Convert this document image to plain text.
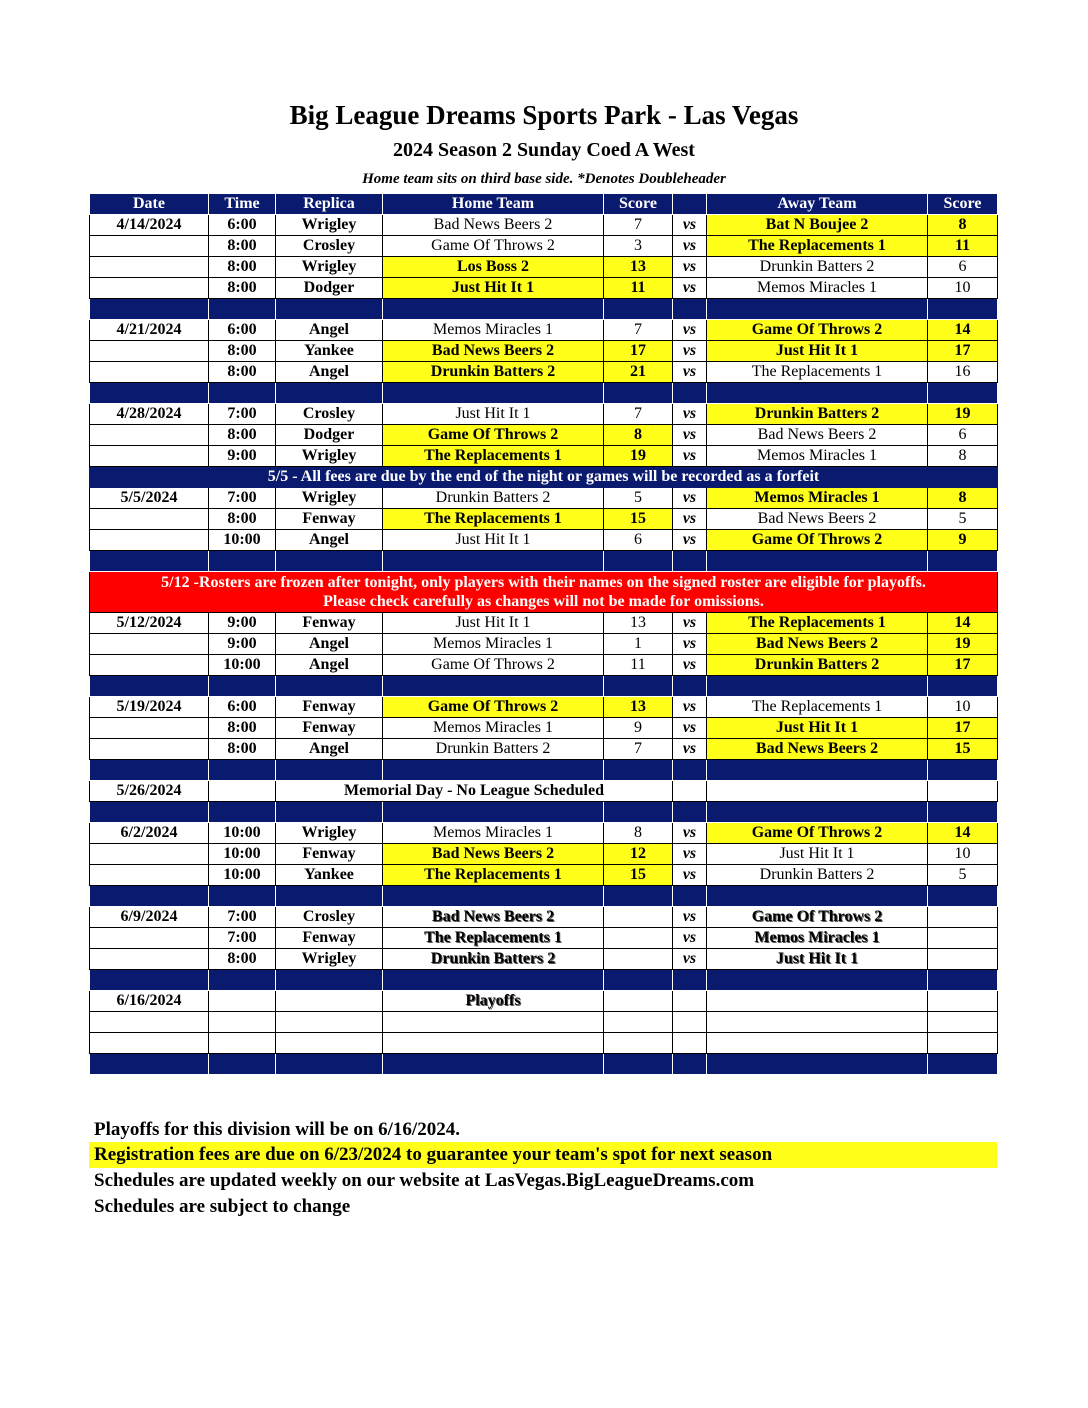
Big League Dreams Sports Park - Las Vegas
2024 Season 2 Sunday Coed A West
Home team sits on third base side. *Denotes Doubleheader
Date	Time	Replica	Home Team	Score		Away Team	Score
4/14/2024	6:00	Wrigley	Bad News Beers 2	7	vs	Bat N Boujee 2	8
	8:00	Crosley	Game Of Throws 2	3	vs	The Replacements 1	11
	8:00	Wrigley	Los Boss 2	13	vs	Drunkin Batters 2	6
	8:00	Dodger	Just Hit It 1	11	vs	Memos Miracles 1	10

4/21/2024	6:00	Angel	Memos Miracles 1	7	vs	Game Of Throws 2	14
	8:00	Yankee	Bad News Beers 2	17	vs	Just Hit It 1	17
	8:00	Angel	Drunkin Batters 2	21	vs	The Replacements 1	16

4/28/2024	7:00	Crosley	Just Hit It 1	7	vs	Drunkin Batters 2	19
	8:00	Dodger	Game Of Throws 2	8	vs	Bad News Beers 2	6
	9:00	Wrigley	The Replacements 1	19	vs	Memos Miracles 1	8
5/5 - All fees are due by the end of the night or games will be recorded as a forfeit							
5/5/2024	7:00	Wrigley	Drunkin Batters 2	5	vs	Memos Miracles 1	8
	8:00	Fenway	The Replacements 1	15	vs	Bad News Beers 2	5
	10:00	Angel	Just Hit It 1	6	vs	Game Of Throws 2	9

5/12 -Rosters are frozen after tonight, only players with their names on the signed roster are eligible for playoffs.
Please check carefully as changes will not be made for omissions.							

5/12/2024	9:00	Fenway	Just Hit It 1	13	vs	The Replacements 1	14
	9:00	Angel	Memos Miracles 1	1	vs	Bad News Beers 2	19
	10:00	Angel	Game Of Throws 2	11	vs	Drunkin Batters 2	17

5/19/2024	6:00	Fenway	Game Of Throws 2	13	vs	The Replacements 1	10
	8:00	Fenway	Memos Miracles 1	9	vs	Just Hit It 1	17
	8:00	Angel	Drunkin Batters 2	7	vs	Bad News Beers 2	15

5/26/2024		Memorial Day - No League Scheduled					

6/2/2024	10:00	Wrigley	Memos Miracles 1	8	vs	Game Of Throws 2	14
	10:00	Fenway	Bad News Beers 2	12	vs	Just Hit It 1	10
	10:00	Yankee	The Replacements 1	15	vs	Drunkin Batters 2	5

6/9/2024	7:00	Crosley	Bad News Beers 2		vs	Game Of Throws 2	
	7:00	Fenway	The Replacements 1		vs	Memos Miracles 1	
	8:00	Wrigley	Drunkin Batters 2		vs	Just Hit It 1	

6/16/2024			Playoffs				

Playoffs for this division will be on 6/16/2024.
Registration fees are due on 6/23/2024 to guarantee your team's spot for next season
Schedules are updated weekly on our website at LasVegas.BigLeagueDreams.com
Schedules are subject to change
